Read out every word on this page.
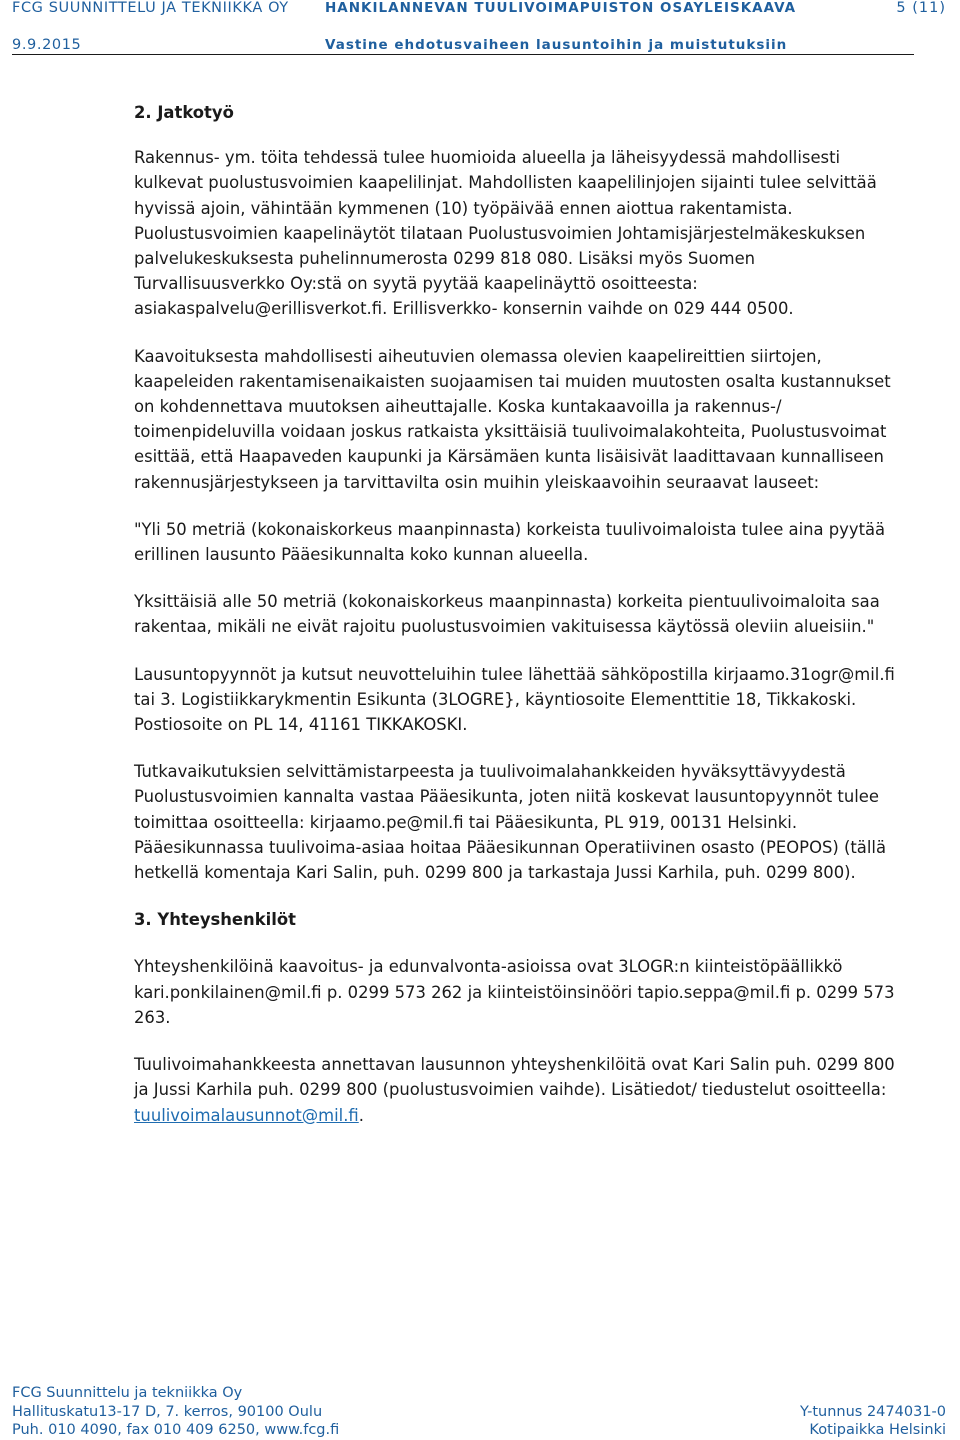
FCG SUUNNITTELU JA TEKNIIKKA OY	HANKILANNEVAN TUULIVOIMAPUISTON OSAYLEISKAAVA	5 (11)
9.9.2015	Vastine ehdotusvaiheen lausuntoihin ja muistutuksiin

2. Jatkotyö

Rakennus- ym. töita tehdessä tulee huomioida alueella ja läheisyydessä mahdollisesti kulkevat puolustusvoimien kaapelilinjat. Mahdollisten kaapelilinjojen sijainti tulee selvittää hyvissä ajoin, vähintään kymmenen (10) työpäivää ennen aiottua rakentamista. Puolustusvoimien kaapelinäytöt tilataan Puolustusvoimien Johtamisjärjestelmäkeskuksen palvelukeskuksesta puhelinnumerosta 0299 818 080. Lisäksi myös Suomen Turvallisuusverkko Oy:stä on syytä pyytää kaapelinäyttö osoitteesta: asiakaspalvelu@erillisverkot.fi. Erillisverkko- konsernin vaihde on 029 444 0500.

Kaavoituksesta mahdollisesti aiheutuvien olemassa olevien kaapelireittien siirtojen, kaapeleiden rakentamisenaikaisten suojaamisen tai muiden muutosten osalta kustannukset on kohdennettava muutoksen aiheuttajalle. Koska kuntakaavoilla ja rakennus-/ toimenpideluvilla voidaan joskus ratkaista yksittäisiä tuulivoimalakohteita, Puolustusvoimat esittää, että Haapaveden kaupunki ja Kärsämäen kunta lisäisivät laadittavaan kunnalliseen rakennusjärjestykseen ja tarvittavilta osin muihin yleiskaavoihin seuraavat lauseet:

"Yli 50 metriä (kokonaiskorkeus maanpinnasta) korkeista tuulivoimaloista tulee aina pyytää erillinen lausunto Pääesikunnalta koko kunnan alueella.

Yksittäisiä alle 50 metriä (kokonaiskorkeus maanpinnasta) korkeita pientuulivoimaloita saa rakentaa, mikäli ne eivät rajoitu puolustusvoimien vakituisessa käytössä oleviin alueisiin."

Lausuntopyynnöt ja kutsut neuvotteluihin tulee lähettää sähköpostilla kirjaamo.31ogr@mil.fi tai 3. Logistiikkarykmentin Esikunta (3LOGRE}, käyntiosoite Elementtitie 18, Tikkakoski. Postiosoite on PL 14, 41161 TIKKAKOSKI.

Tutkavaikutuksien selvittämistarpeesta ja tuulivoimalahankkeiden hyväksyttävyydestä Puolustusvoimien kannalta vastaa Pääesikunta, joten niitä koskevat lausuntopyynnöt tulee toimittaa osoitteella: kirjaamo.pe@mil.fi tai Pääesikunta, PL 919, 00131 Helsinki. Pääesikunnassa tuulivoima-asiaa hoitaa Pääesikunnan Operatiivinen osasto (PEOPOS) (tällä hetkellä komentaja Kari Salin, puh. 0299 800 ja tarkastaja Jussi Karhila, puh. 0299 800).

3. Yhteyshenkilöt

Yhteyshenkilöinä kaavoitus- ja edunvalvonta-asioissa ovat 3LOGR:n kiinteistöpäällikkö kari.ponkilainen@mil.fi p. 0299 573 262 ja kiinteistöinsinööri tapio.seppa@mil.fi p. 0299 573 263.

Tuulivoimahankkeesta annettavan lausunnon yhteyshenkilöitä ovat Kari Salin puh. 0299 800 ja Jussi Karhila puh. 0299 800 (puolustusvoimien vaihde). Lisätiedot/ tiedustelut osoitteella: tuulivoimalausunnot@mil.fi.

FCG Suunnittelu ja tekniikka Oy
Hallituskatu13-17 D, 7. kerros, 90100 Oulu
Puh. 010 4090, fax 010 409 6250, www.fcg.fi
Y-tunnus 2474031-0
Kotipaikka Helsinki
